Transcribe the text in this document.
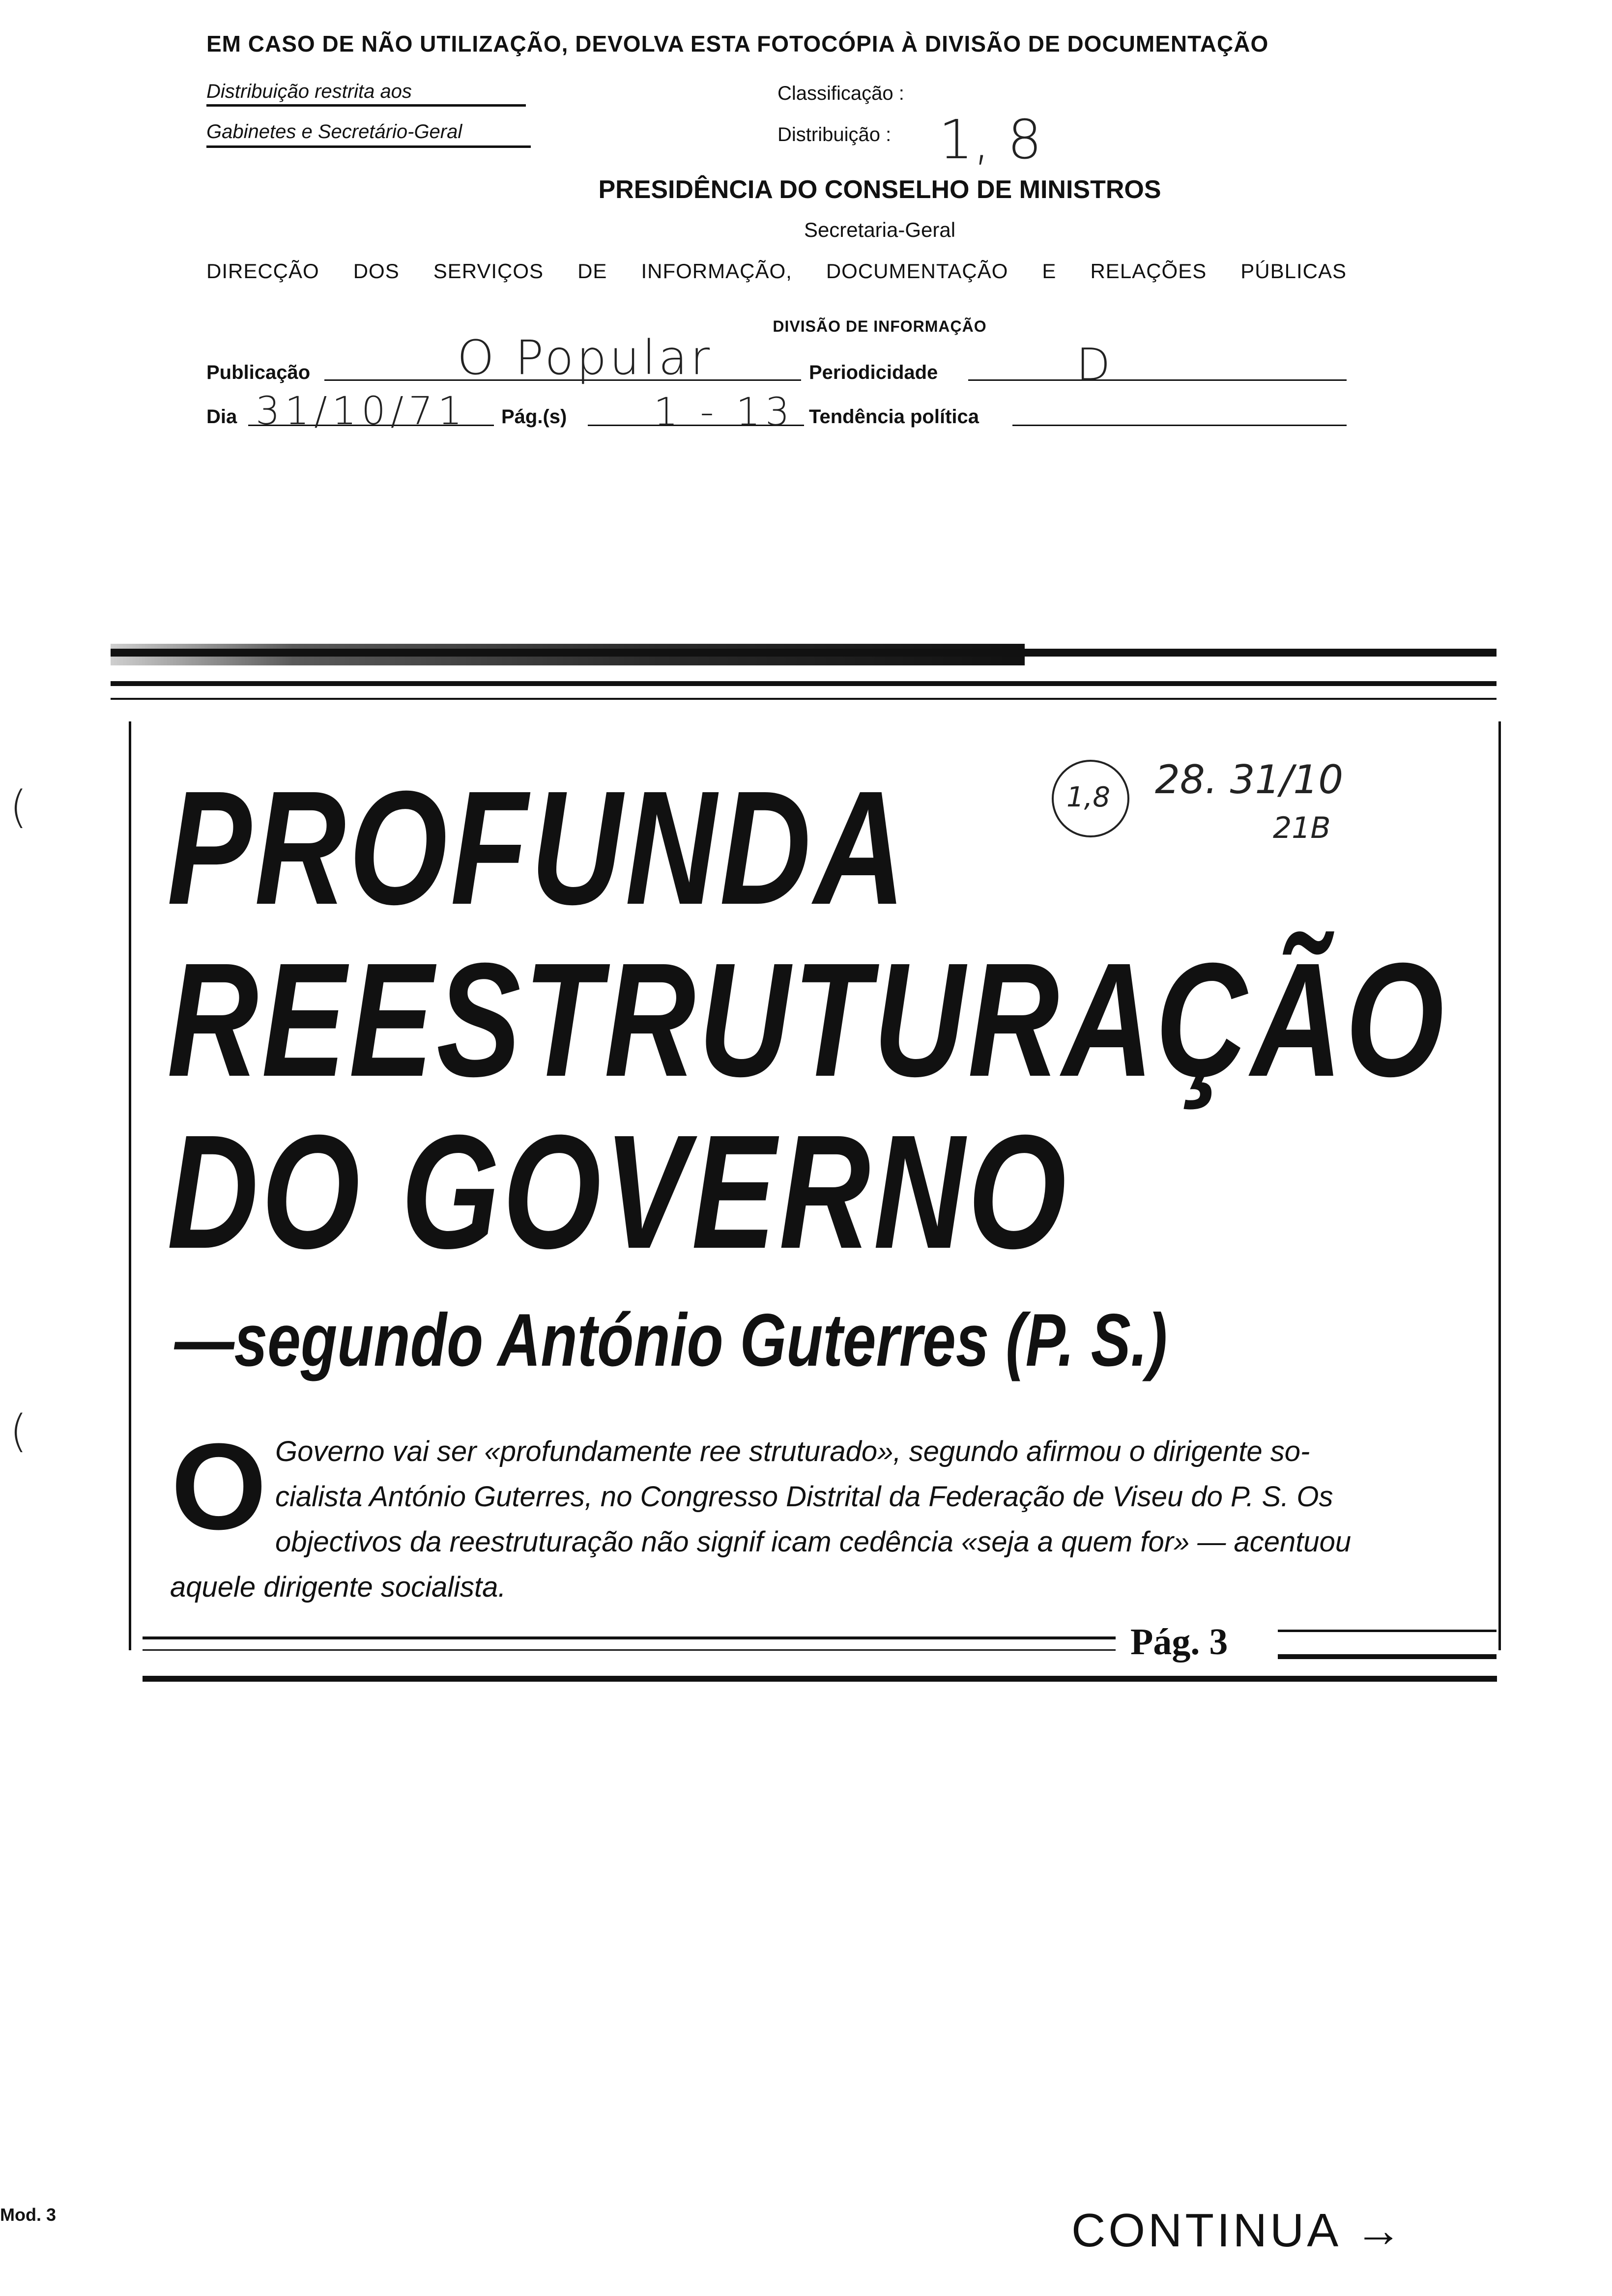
EM CASO DE NÃO UTILIZAÇÃO, DEVOLVA ESTA FOTOCÓPIA À DIVISÃO DE DOCUMENTAÇÃO
Distribuição restrita aos
Gabinetes e Secretário-Geral
Classificação :
Distribuição : 1, 8
PRESIDÊNCIA DO CONSELHO DE MINISTROS
Secretaria-Geral
DIRECÇÃO DOS SERVIÇOS DE INFORMAÇÃO, DOCUMENTAÇÃO E RELAÇÕES PÚBLICAS
DIVISÃO DE INFORMAÇÃO
Publicação	O Popular	Periodicidade	D
Dia 31/10/71 Pág.(s) 1 - 13 Tendência política
PROFUNDA
REESTRUTURAÇÃO
DO GOVERNO
1,8 28. 31/10
21B
—segundo António Guterres (P. S.)
O Governo vai ser «profundamente ree struturado», segundo afirmou o dirigente so-
cialista António Guterres, no Congresso Distrital da Federação de Viseu do P. S. Os
objectivos da reestruturação não signif icam cedência «seja a quem for» — acentuou
aquele dirigente socialista.
Pág. 3
(
(
Mod. 3	CONTINUA →
